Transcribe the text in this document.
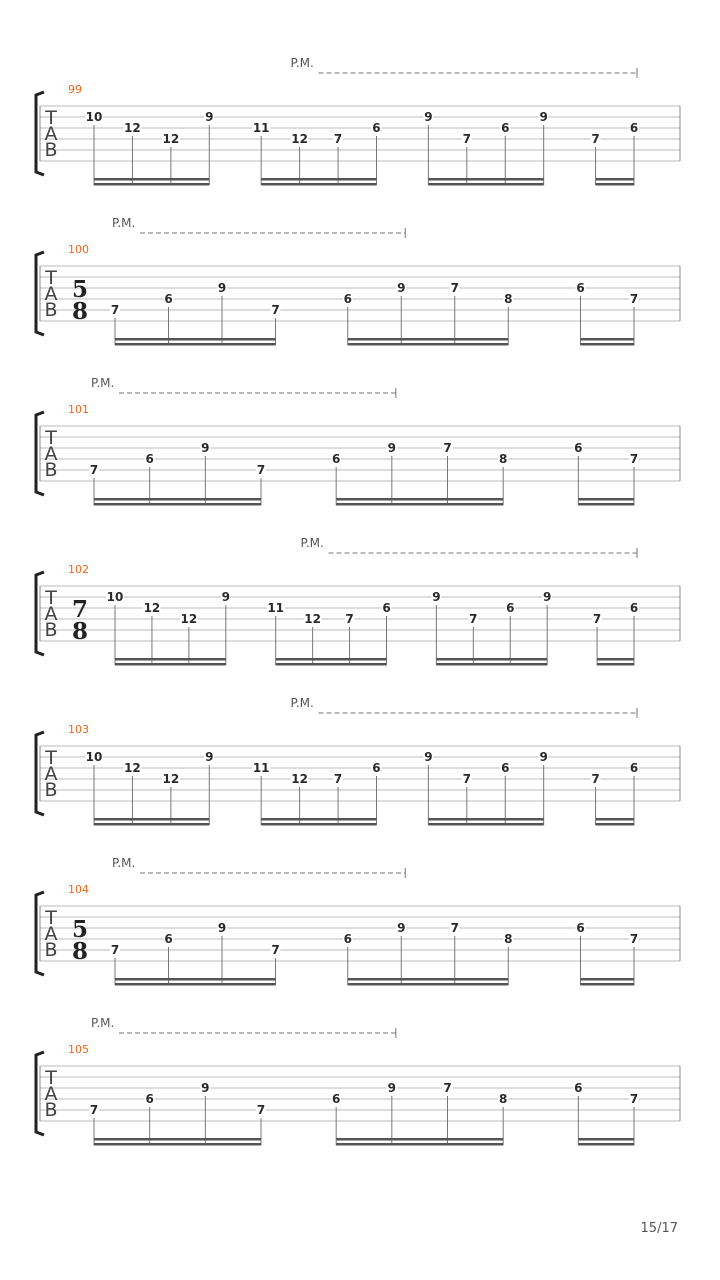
T
A
B
99
10
12
12
9
11
12 7
6
9
7
6
9
7
6
P.M.
T
A
B
100
5
8 7
6
9
7
6
9	7
8
6
7
P.M.
T
A
B
101
7
6
9
7
6
9	7
8
6
7
P.M.
T
A
B
102
7
8
10
12
12
9
11
12 7
6
9
7
6
9
7
6
P.M.
T
A
B
103
10
12
12
9
11
12 7
6
9
7
6
9
7
6
P.M.
T
A
B
104
5
8 7
6
9
7
6
9	7
8
6
7
P.M.
T
A
B
105
7
6
9
7
6
9	7
8
6
7
P.M.
15/17
